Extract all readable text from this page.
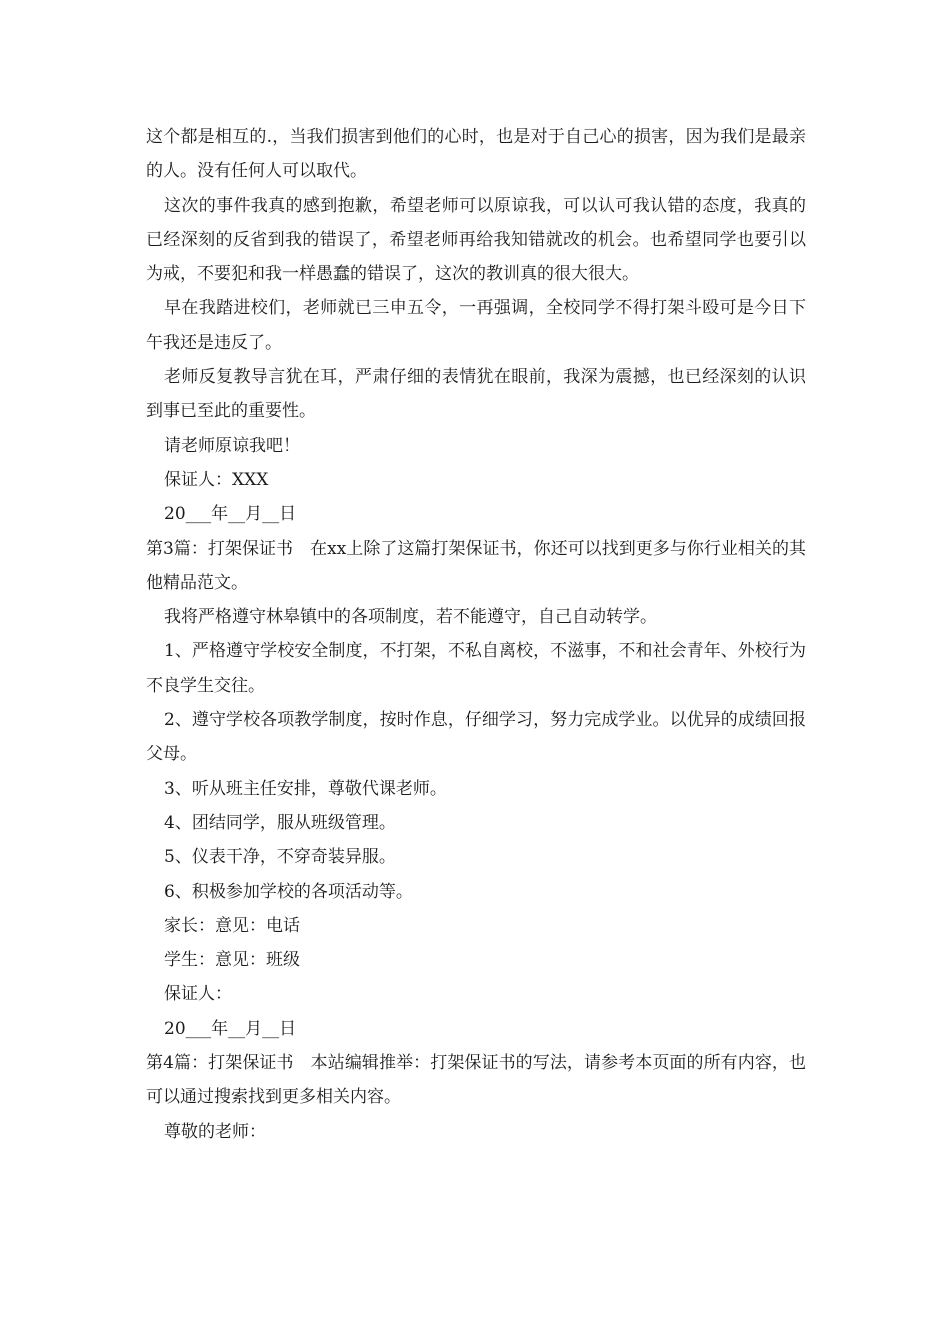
这个都是相互的.，当我们损害到他们的心时，也是对于自己心的损害，因为我们是最亲的人。没有任何人可以取代。

这次的事件我真的感到抱歉，希望老师可以原谅我，可以认可我认错的态度，我真的已经深刻的反省到我的错误了，希望老师再给我知错就改的机会。也希望同学也要引以为戒，不要犯和我一样愚蠢的错误了，这次的教训真的很大很大。

早在我踏进校们，老师就已三申五令，一再强调，全校同学不得打架斗殴可是今日下午我还是违反了。

老师反复教导言犹在耳，严肃仔细的表情犹在眼前，我深为震撼，也已经深刻的认识到事已至此的重要性。

请老师原谅我吧！

保证人：XXX

20___年__月__日

第3篇：打架保证书　在xx上除了这篇打架保证书，你还可以找到更多与你行业相关的其他精品范文。

我将严格遵守林皋镇中的各项制度，若不能遵守，自己自动转学。

1、严格遵守学校安全制度，不打架，不私自离校，不滋事，不和社会青年、外校行为不良学生交往。

2、遵守学校各项教学制度，按时作息，仔细学习，努力完成学业。以优异的成绩回报父母。

3、听从班主任安排，尊敬代课老师。

4、团结同学，服从班级管理。

5、仪表干净，不穿奇装异服。

6、积极参加学校的各项活动等。

家长：意见：电话

学生：意见：班级

保证人：

20___年__月__日

第4篇：打架保证书　本站编辑推举：打架保证书的写法，请参考本页面的所有内容，也可以通过搜索找到更多相关内容。

尊敬的老师：
